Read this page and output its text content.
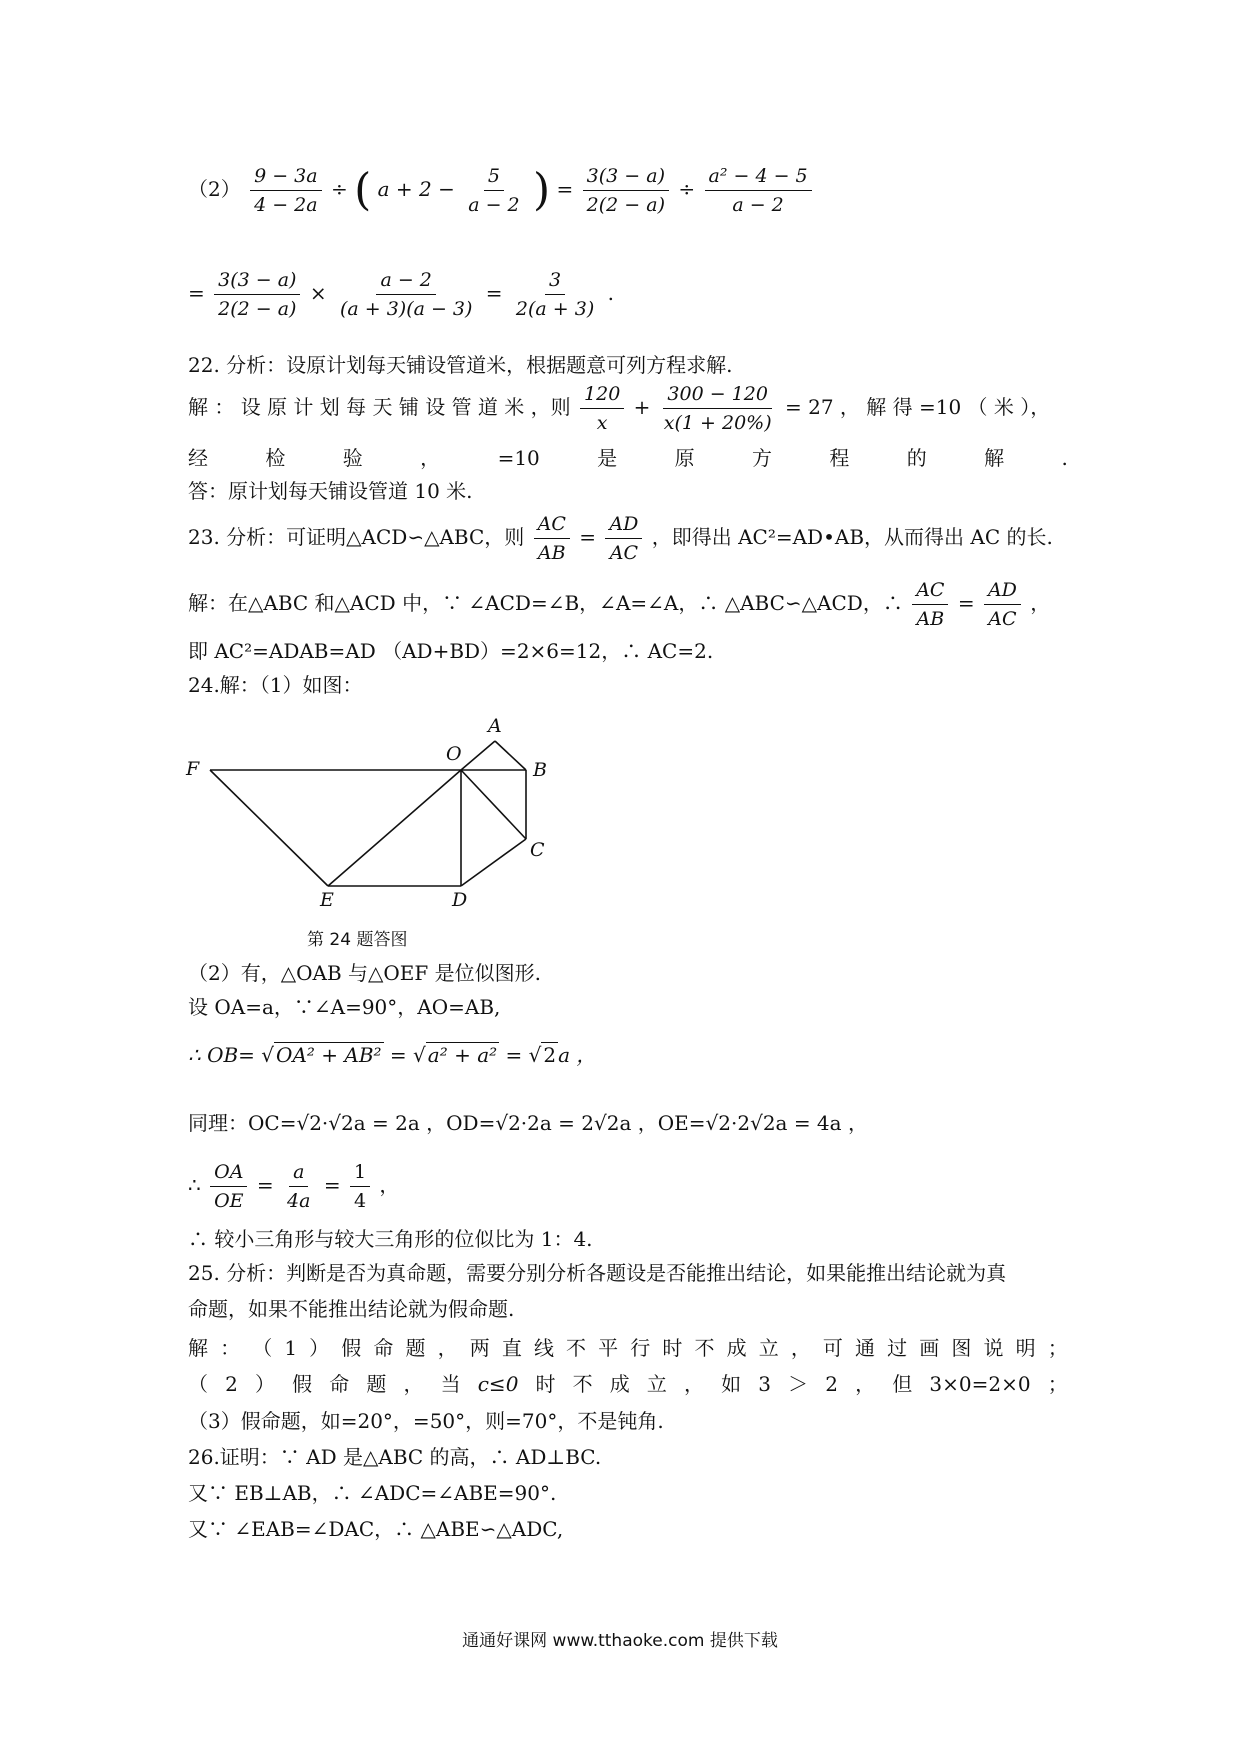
$(2) \frac{9 - 3a}{4 - 2a}$ ÷ ( $a + 2 - \frac{5}{a - 2}$ ) = $\frac{3(3 - a)}{2(2 - a)} \div \frac{\text{a² − 4 − 5}}{a - 2}$
= $\frac{3(3 - a)}{2(2 - a)} \times \frac{a - 2}{(a + 3)(a - 3)} = \frac{3}{2(a + 3)}$ .
22. 分析：设原计划每天铺设管道米，根据题意可列方程求解.
解 ： 设 原 计 划 每 天 铺 设 管 道 米 ，则 $\frac{120}{x} + \frac{300 - 120}{x(1 + 20\%)} = 27$ ， 解 得 =10 （ 米 ），
经	检	验	，	=10	是	原	方	程	的	解	.
答：原计划每天铺设管道 10 米.
23. 分析：可证明△ACD∽△ABC，则 $\frac{AC}{AB} = \frac{AD}{AC}$ ，即得出 AC²=AD•AB，从而得出 AC 的长.
解：在△ABC 和△ACD 中，∵ ∠ACD=∠B，∠A=∠A，∴ △ABC∽△ACD，∴ $\frac{AC}{AB} = \frac{AD}{AC}$ ，
即 AC²=ADAB=AD （AD+BD）=2×6=12，∴ AC=2.
24.解：（1）如图：
F
O
A
B
C
D
E
第 24 题答图
（2）有，△OAB 与△OEF 是位似图形.
设 OA=a，∵∠A=90°，AO=AB,
∴ OB= √ OA² + AB² = √ a² + a² = √ 2 a ，
同理：OC=√2·√2a = 2a ，OD=√2·2a = 2√2a ，OE=√2·2√2a = 4a ，
∴ $\frac{OA}{OE} = \frac{a}{4a} = \frac{1}{4}$ ，
∴ 较小三角形与较大三角形的位似比为 1：4.
25. 分析：判断是否为真命题，需要分别分析各题设是否能推出结论，如果能推出结论就为真
命题，如果不能推出结论就为假命题.
解 ： （ 1 ） 假 命 题 ， 两 直 线 不 平 行 时 不 成 立 ， 可 通 过 画 图 说 明 ；
（ 2 ） 假 命 题 ， 当 c≤0 时 不 成 立 ， 如 3 ＞ 2 ， 但 3×0=2×0 ；
（3）假命题，如=20°，=50°，则=70°，不是钝角.
26.证明：∵ AD 是△ABC 的高，∴ AD⊥BC.
又∵ EB⊥AB，∴ ∠ADC=∠ABE=90°.
又∵ ∠EAB=∠DAC，∴ △ABE∽△ADC,
通通好课网 www.tthaoke.com 提供下载
